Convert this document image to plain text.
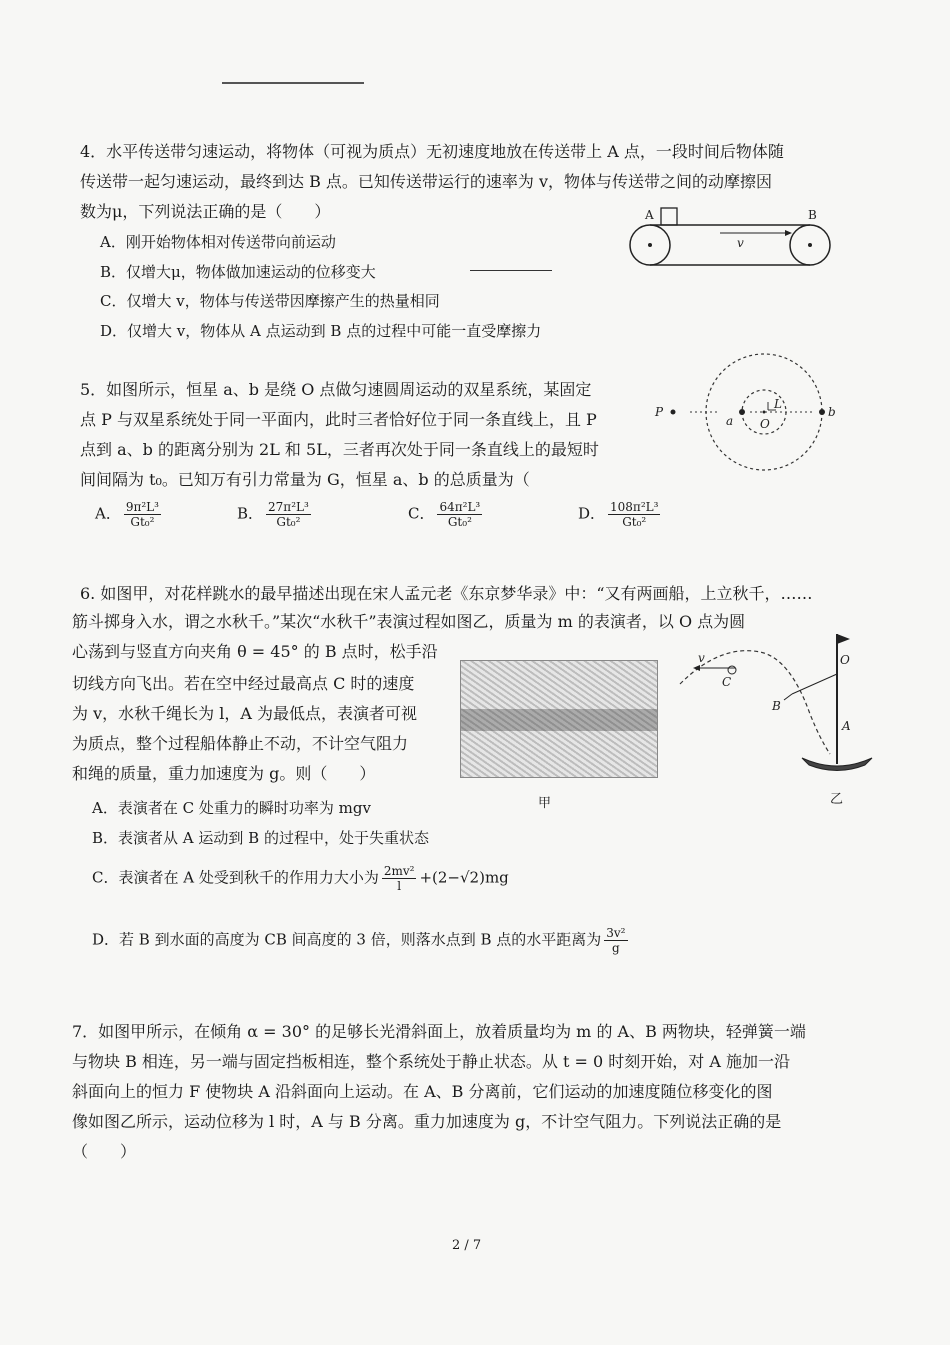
4．水平传送带匀速运动，将物体（可视为质点）无初速度地放在传送带上 A 点，一段时间后物体随
传送带一起匀速运动，最终到达 B 点。已知传送带运行的速率为 v，物体与传送带之间的动摩擦因
数为μ，下列说法正确的是（　　）
A．刚开始物体相对传送带向前运动
B．仅增大μ，物体做加速运动的位移变大
C．仅增大 v，物体与传送带因摩擦产生的热量相同
D．仅增大 v，物体从 A 点运动到 B 点的过程中可能一直受摩擦力
A	B
v
5．如图所示，恒星 a、b 是绕 O 点做匀速圆周运动的双星系统，某固定
点 P 与双星系统处于同一平面内，此时三者恰好位于同一条直线上，且 P
点到 a、b 的距离分别为 2L 和 5L，三者再次处于同一条直线上的最短时
间间隔为 t₀。已知万有引力常量为 G，恒星 a、b 的总质量为（
A． $\frac{\text{9π²L³}}{\text{Gt₀²}}$	B． $\frac{\text{27π²L³}}{\text{Gt₀²}}$	C． $\frac{\text{64π²L³}}{\text{Gt₀²}}$	D． $\frac{\text{108π²L³}}{\text{Gt₀²}}$
P
a O
L
b
6. 如图甲，对花样跳水的最早描述出现在宋人孟元老《东京梦华录》中：“又有两画船，上立秋千，……
筋斗掷身入水，谓之水秋千。”某次“水秋千”表演过程如图乙，质量为 m 的表演者，以 O 点为圆
心荡到与竖直方向夹角 θ = 45° 的 B 点时，松手沿
切线方向飞出。若在空中经过最高点 C 时的速度
为 v，水秋千绳长为 l，A 为最低点，表演者可视
为质点，整个过程船体静止不动，不计空气阻力
和绳的质量，重力加速度为 g。则（　　）
甲
v
C
O
B
A
乙
A．表演者在 C 处重力的瞬时功率为 mgv
B．表演者从 A 运动到 B 的过程中，处于失重状态
C．表演者在 A 处受到秋千的作用力大小为 $\frac{\text{2mv²}}{l} +(2-√2)mg$
D．若 B 到水面的高度为 CB 间高度的 3 倍，则落水点到 B 点的水平距离为 $\frac{\text{3v²}}{g}$
7．如图甲所示，在倾角 α = 30° 的足够长光滑斜面上，放着质量均为 m 的 A、B 两物块，轻弹簧一端
与物块 B 相连，另一端与固定挡板相连，整个系统处于静止状态。从 t = 0 时刻开始，对 A 施加一沿
斜面向上的恒力 F 使物块 A 沿斜面向上运动。在 A、B 分离前，它们运动的加速度随位移变化的图
像如图乙所示，运动位移为 l 时，A 与 B 分离。重力加速度为 g，不计空气阻力。下列说法正确的是
（　　）
2 / 7
